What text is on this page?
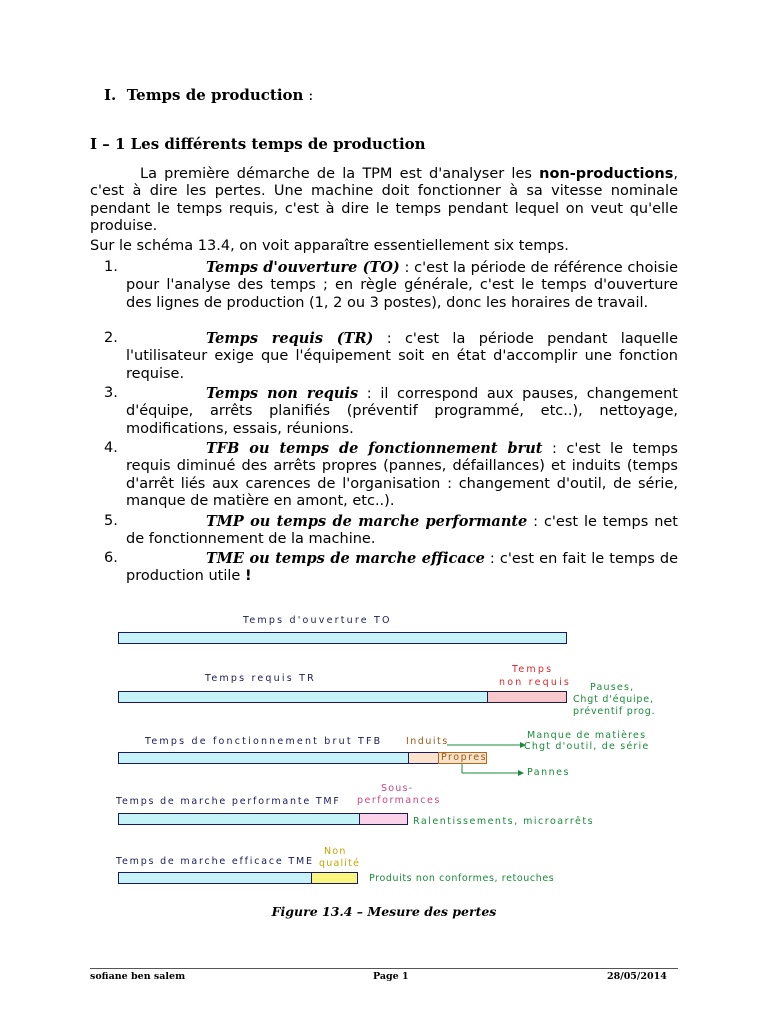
I. Temps de production :
I – 1 Les différents temps de production
La première démarche de la TPM est d'analyser les non-productions, c'est à dire les pertes. Une machine doit fonctionner à sa vitesse nominale pendant le temps requis, c'est à dire le temps pendant lequel on veut qu'elle produise.
Sur le schéma 13.4, on voit apparaître essentiellement six temps.
1.	Temps d'ouverture (TO) : c'est la période de référence choisie pour l'analyse des temps ; en règle générale, c'est le temps d'ouverture des lignes de production (1, 2 ou 3 postes), donc les horaires de travail.
2.	Temps requis (TR) : c'est la période pendant laquelle l'utilisateur exige que l'équipement soit en état d'accomplir une fonction requise.
3.	Temps non requis : il correspond aux pauses, changement d'équipe, arrêts planifiés (préventif programmé, etc..), nettoyage, modifications, essais, réunions.
4.	TFB ou temps de fonctionnement brut : c'est le temps requis diminué des arrêts propres (pannes, défaillances) et induits (temps d'arrêt liés aux carences de l'organisation : changement d'outil, de série, manque de matière en amont, etc..).
5.	TMP ou temps de marche performante : c'est le temps net de fonctionnement de la machine.
6.	TME ou temps de marche efficace : c'est en fait le temps de production utile !
Temps d'ouverture TO
Temps requis TR
Temps
non requis Pauses,
Chgt d'équipe,
préventif prog.
Temps de fonctionnement brut TFB Induits
Propres
Manque de matières
Chgt d'outil, de série
Pannes
Temps de marche performante TMF
Sous-
performances
Ralentissements, microarrêts
Temps de marche efficace TME
Non
qualité
Produits non conformes, retouches
Figure 13.4 – Mesure des pertes
sofiane ben salem	Page 1	28/05/2014
